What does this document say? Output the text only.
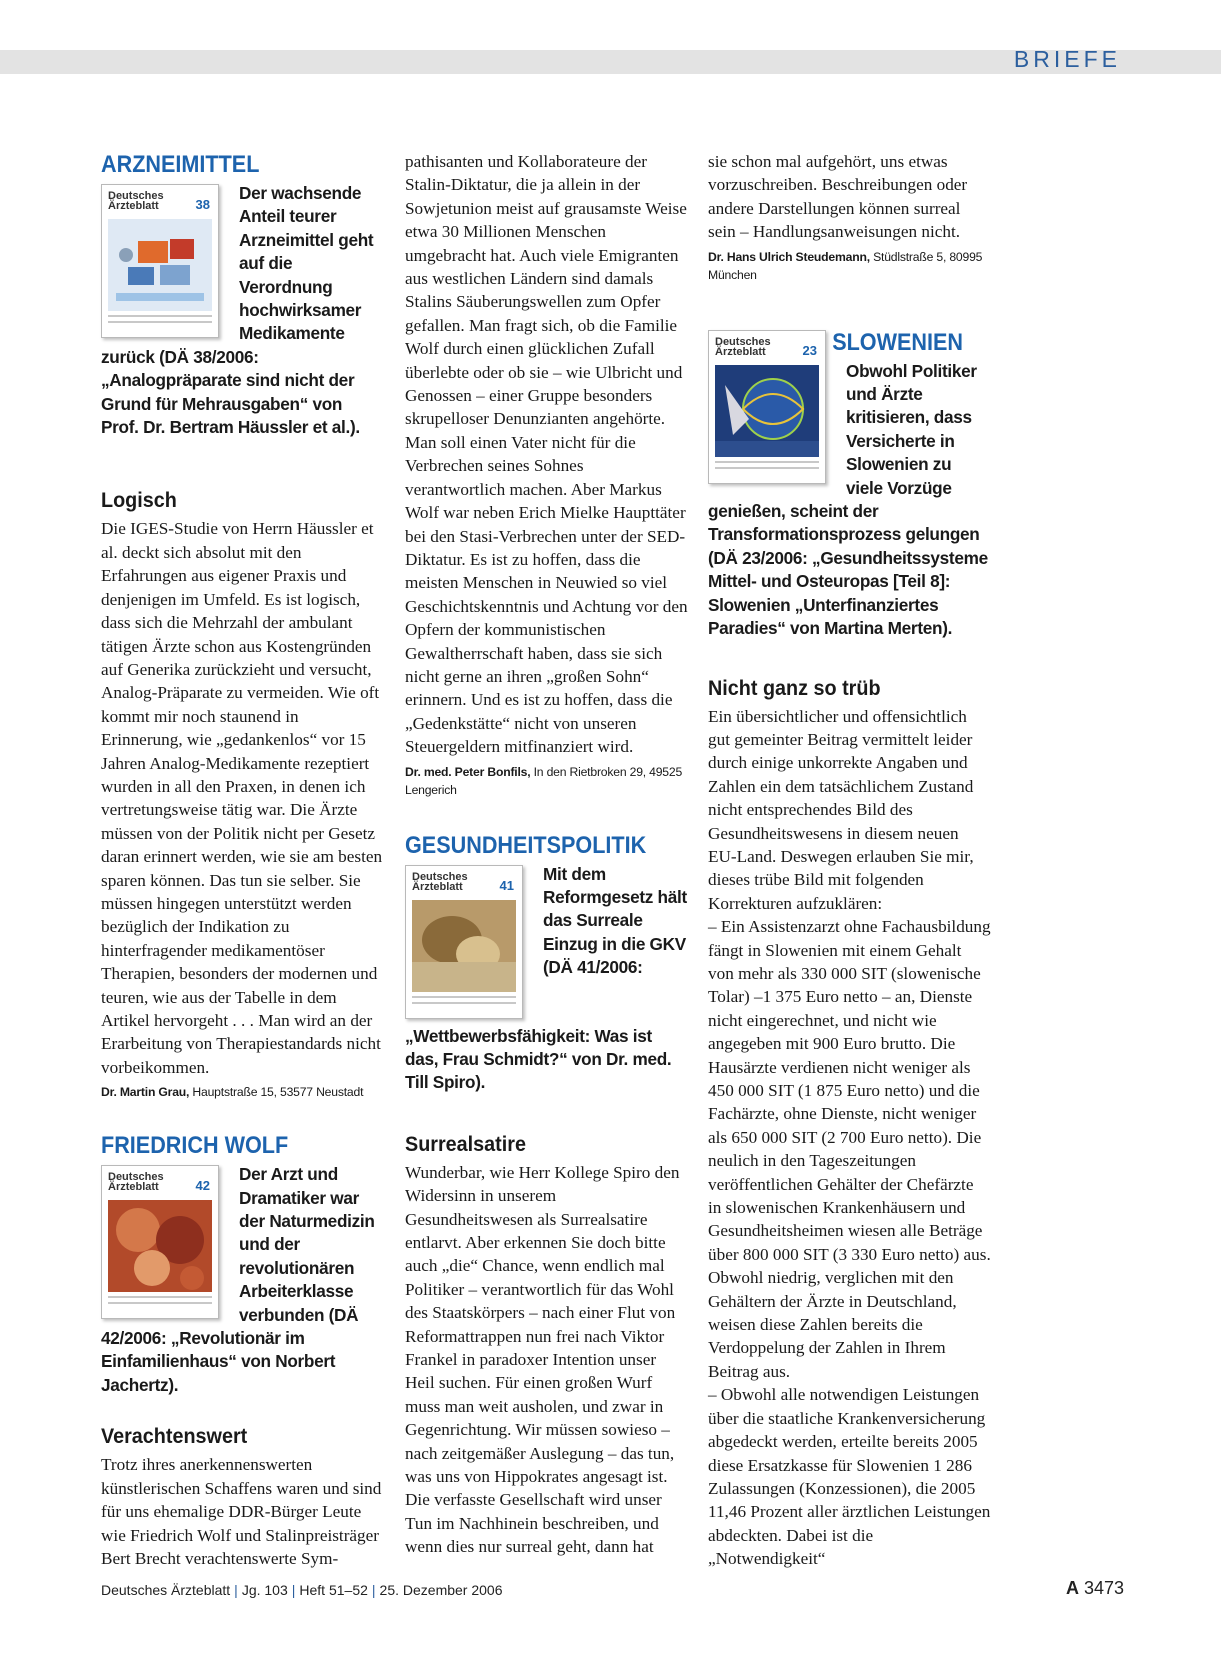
BRIEFE
ARZNEIMITTEL
Deutsches Ärzteblatt	38

Der wachsende Anteil teurer Arzneimittel geht auf die Verordnung hochwirksamer Medikamente zurück (DÄ 38/2006: „Analogpräparate sind nicht der Grund für Mehrausgaben“ von Prof. Dr. Bertram Häussler et al.).

Logisch

Die IGES-Studie von Herrn Häussler et al. deckt sich absolut mit den Erfahrungen aus eigener Praxis und denjenigen im Umfeld. Es ist logisch, dass sich die Mehrzahl der ambulant tätigen Ärzte schon aus Kostengründen auf Generika zurückzieht und versucht, Analog-Präparate zu vermeiden. Wie oft kommt mir noch staunend in Erinnerung, wie „gedankenlos“ vor 15 Jahren Analog-Medikamente rezeptiert wurden in all den Praxen, in denen ich vertretungsweise tätig war. Die Ärzte müssen von der Politik nicht per Gesetz daran erinnert werden, wie sie am besten sparen können. Das tun sie selber. Sie müssen hingegen unterstützt werden bezüglich der Indikation zu hinterfragender medikamentöser Therapien, besonders der modernen und teuren, wie aus der Tabelle in dem Artikel hervorgeht . . . Man wird an der Erarbeitung von Therapiestandards nicht vorbeikommen.

Dr. Martin Grau, Hauptstraße 15, 53577 Neustadt
FRIEDRICH WOLF
Deutsches Ärzteblatt	42

Der Arzt und Dramatiker war der Naturmedizin und der revolutionären Arbeiterklasse verbunden (DÄ 42/2006: „Revolutionär im Einfamilienhaus“ von Norbert Jachertz).

Verachtenswert

Trotz ihres anerkennenswerten künstlerischen Schaffens waren und sind für uns ehemalige DDR-Bürger Leute wie Friedrich Wolf und Stalinpreisträger Bert Brecht verachtenswerte Sym-

pathisanten und Kollaborateure der Stalin-Diktatur, die ja allein in der Sowjetunion meist auf grausamste Weise etwa 30 Millionen Menschen umgebracht hat. Auch viele Emigranten aus westlichen Ländern sind damals Stalins Säuberungswellen zum Opfer gefallen. Man fragt sich, ob die Familie Wolf durch einen glücklichen Zufall überlebte oder ob sie – wie Ulbricht und Genossen – einer Gruppe besonders skrupelloser Denunzianten angehörte. Man soll einen Vater nicht für die Verbrechen seines Sohnes verantwortlich machen. Aber Markus Wolf war neben Erich Mielke Haupttäter bei den Stasi-Verbrechen unter der SED-Diktatur. Es ist zu hoffen, dass die meisten Menschen in Neuwied so viel Geschichtskenntnis und Achtung vor den Opfern der kommunistischen Gewaltherrschaft haben, dass sie sich nicht gerne an ihren „großen Sohn“ erinnern. Und es ist zu hoffen, dass die „Gedenkstätte“ nicht von unseren Steuergeldern mitfinanziert wird.

Dr. med. Peter Bonfils, In den Rietbroken 29, 49525 Lengerich
GESUNDHEITSPOLITIK
Deutsches Ärzteblatt	41

Mit dem Reformgesetz hält das Surreale Einzug in die GKV (DÄ 41/2006: „Wettbewerbsfähigkeit: Was ist das, Frau Schmidt?“ von Dr. med. Till Spiro).

Surrealsatire

Wunderbar, wie Herr Kollege Spiro den Widersinn in unserem Gesundheitswesen als Surrealsatire entlarvt. Aber erkennen Sie doch bitte auch „die“ Chance, wenn endlich mal Politiker – verantwortlich für das Wohl des Staatskörpers – nach einer Flut von Reformattrappen nun frei nach Viktor Frankel in paradoxer Intention unser Heil suchen. Für einen großen Wurf muss man weit ausholen, und zwar in Gegenrichtung. Wir müssen sowieso – nach zeitgemäßer Auslegung – das tun, was uns von Hippokrates angesagt ist. Die verfasste Gesellschaft wird unser Tun im Nachhinein beschreiben, und wenn dies nur surreal geht, dann hat

sie schon mal aufgehört, uns etwas vorzuschreiben. Beschreibungen oder andere Darstellungen können surreal sein – Handlungsanweisungen nicht.

Dr. Hans Ulrich Steudemann, Stüdlstraße 5, 80995 München
Deutsches Ärzteblatt	23 SLOWENIEN

Obwohl Politiker und Ärzte kritisieren, dass Versicherte in Slowenien zu viele Vorzüge genießen, scheint der Transformationsprozess gelungen (DÄ 23/2006: „Gesundheitssysteme Mittel- und Osteuropas [Teil 8]: Slowenien „Unterfinanziertes Paradies“ von Martina Merten).

Nicht ganz so trüb

Ein übersichtlicher und offensichtlich gut gemeinter Beitrag vermittelt leider durch einige unkorrekte Angaben und Zahlen ein dem tatsächlichem Zustand nicht entsprechendes Bild des Gesundheitswesens in diesem neuen EU-Land. Deswegen erlauben Sie mir, dieses trübe Bild mit folgenden Korrekturen aufzuklären:

– Ein Assistenzarzt ohne Fachausbildung fängt in Slowenien mit einem Gehalt von mehr als 330 000 SIT (slowenische Tolar) –1 375 Euro netto – an, Dienste nicht eingerechnet, und nicht wie angegeben mit 900 Euro brutto. Die Hausärzte verdienen nicht weniger als 450 000 SIT (1 875 Euro netto) und die Fachärzte, ohne Dienste, nicht weniger als 650 000 SIT (2 700 Euro netto). Die neulich in den Tageszeitungen veröffentlichen Gehälter der Chefärzte in slowenischen Krankenhäusern und Gesundheitsheimen wiesen alle Beträge über 800 000 SIT (3 330 Euro netto) aus. Obwohl niedrig, verglichen mit den Gehältern der Ärzte in Deutschland, weisen diese Zahlen bereits die Verdoppelung der Zahlen in Ihrem Beitrag aus.

– Obwohl alle notwendigen Leistungen über die staatliche Krankenversicherung abgedeckt werden, erteilte bereits 2005 diese Ersatzkasse für Slowenien 1 286 Zulassungen (Konzessionen), die 2005 11,46 Prozent aller ärztlichen Leistungen abdeckten. Dabei ist die „Notwendigkeit“

Deutsches Ärzteblatt | Jg. 103 | Heft 51–52 | 25. Dezember 2006	A 3473
